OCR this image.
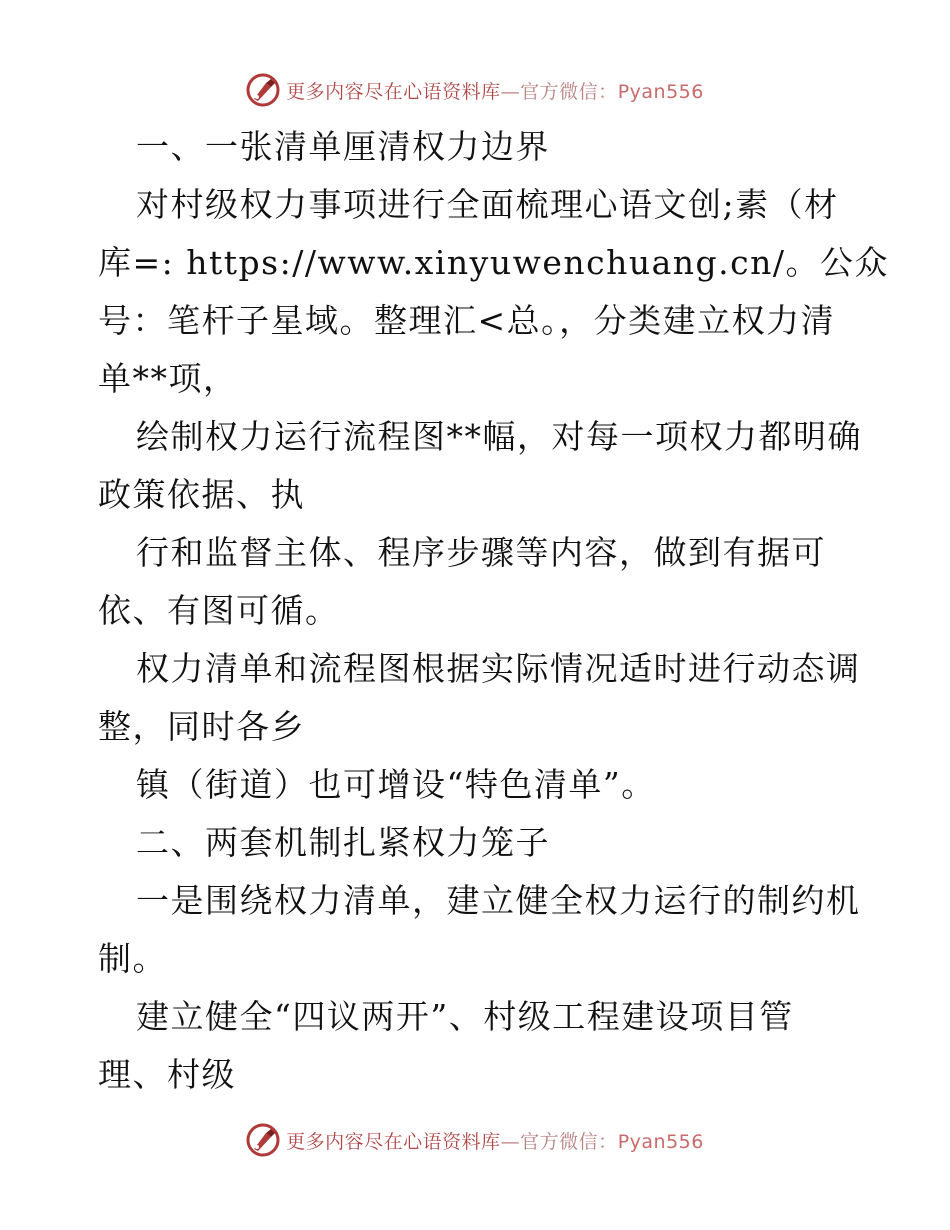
更多内容尽在心语资料库—官方微信：Pyan556
一、一张清单厘清权力边界
对村级权力事项进行全面梳理心语文创;素（材
库=: https://www.xinyuwenchuang.cn/。公众
号：笔杆子星域。整理汇<总。，分类建立权力清
单**项，
绘制权力运行流程图**幅，对每一项权力都明确
政策依据、执
行和监督主体、程序步骤等内容，做到有据可
依、有图可循。
权力清单和流程图根据实际情况适时进行动态调
整，同时各乡
镇（街道）也可增设“特色清单”。
二、两套机制扎紧权力笼子
一是围绕权力清单，建立健全权力运行的制约机
制。
建立健全“四议两开”、村级工程建设项目管
理、村级
更多内容尽在心语资料库—官方微信：Pyan556
